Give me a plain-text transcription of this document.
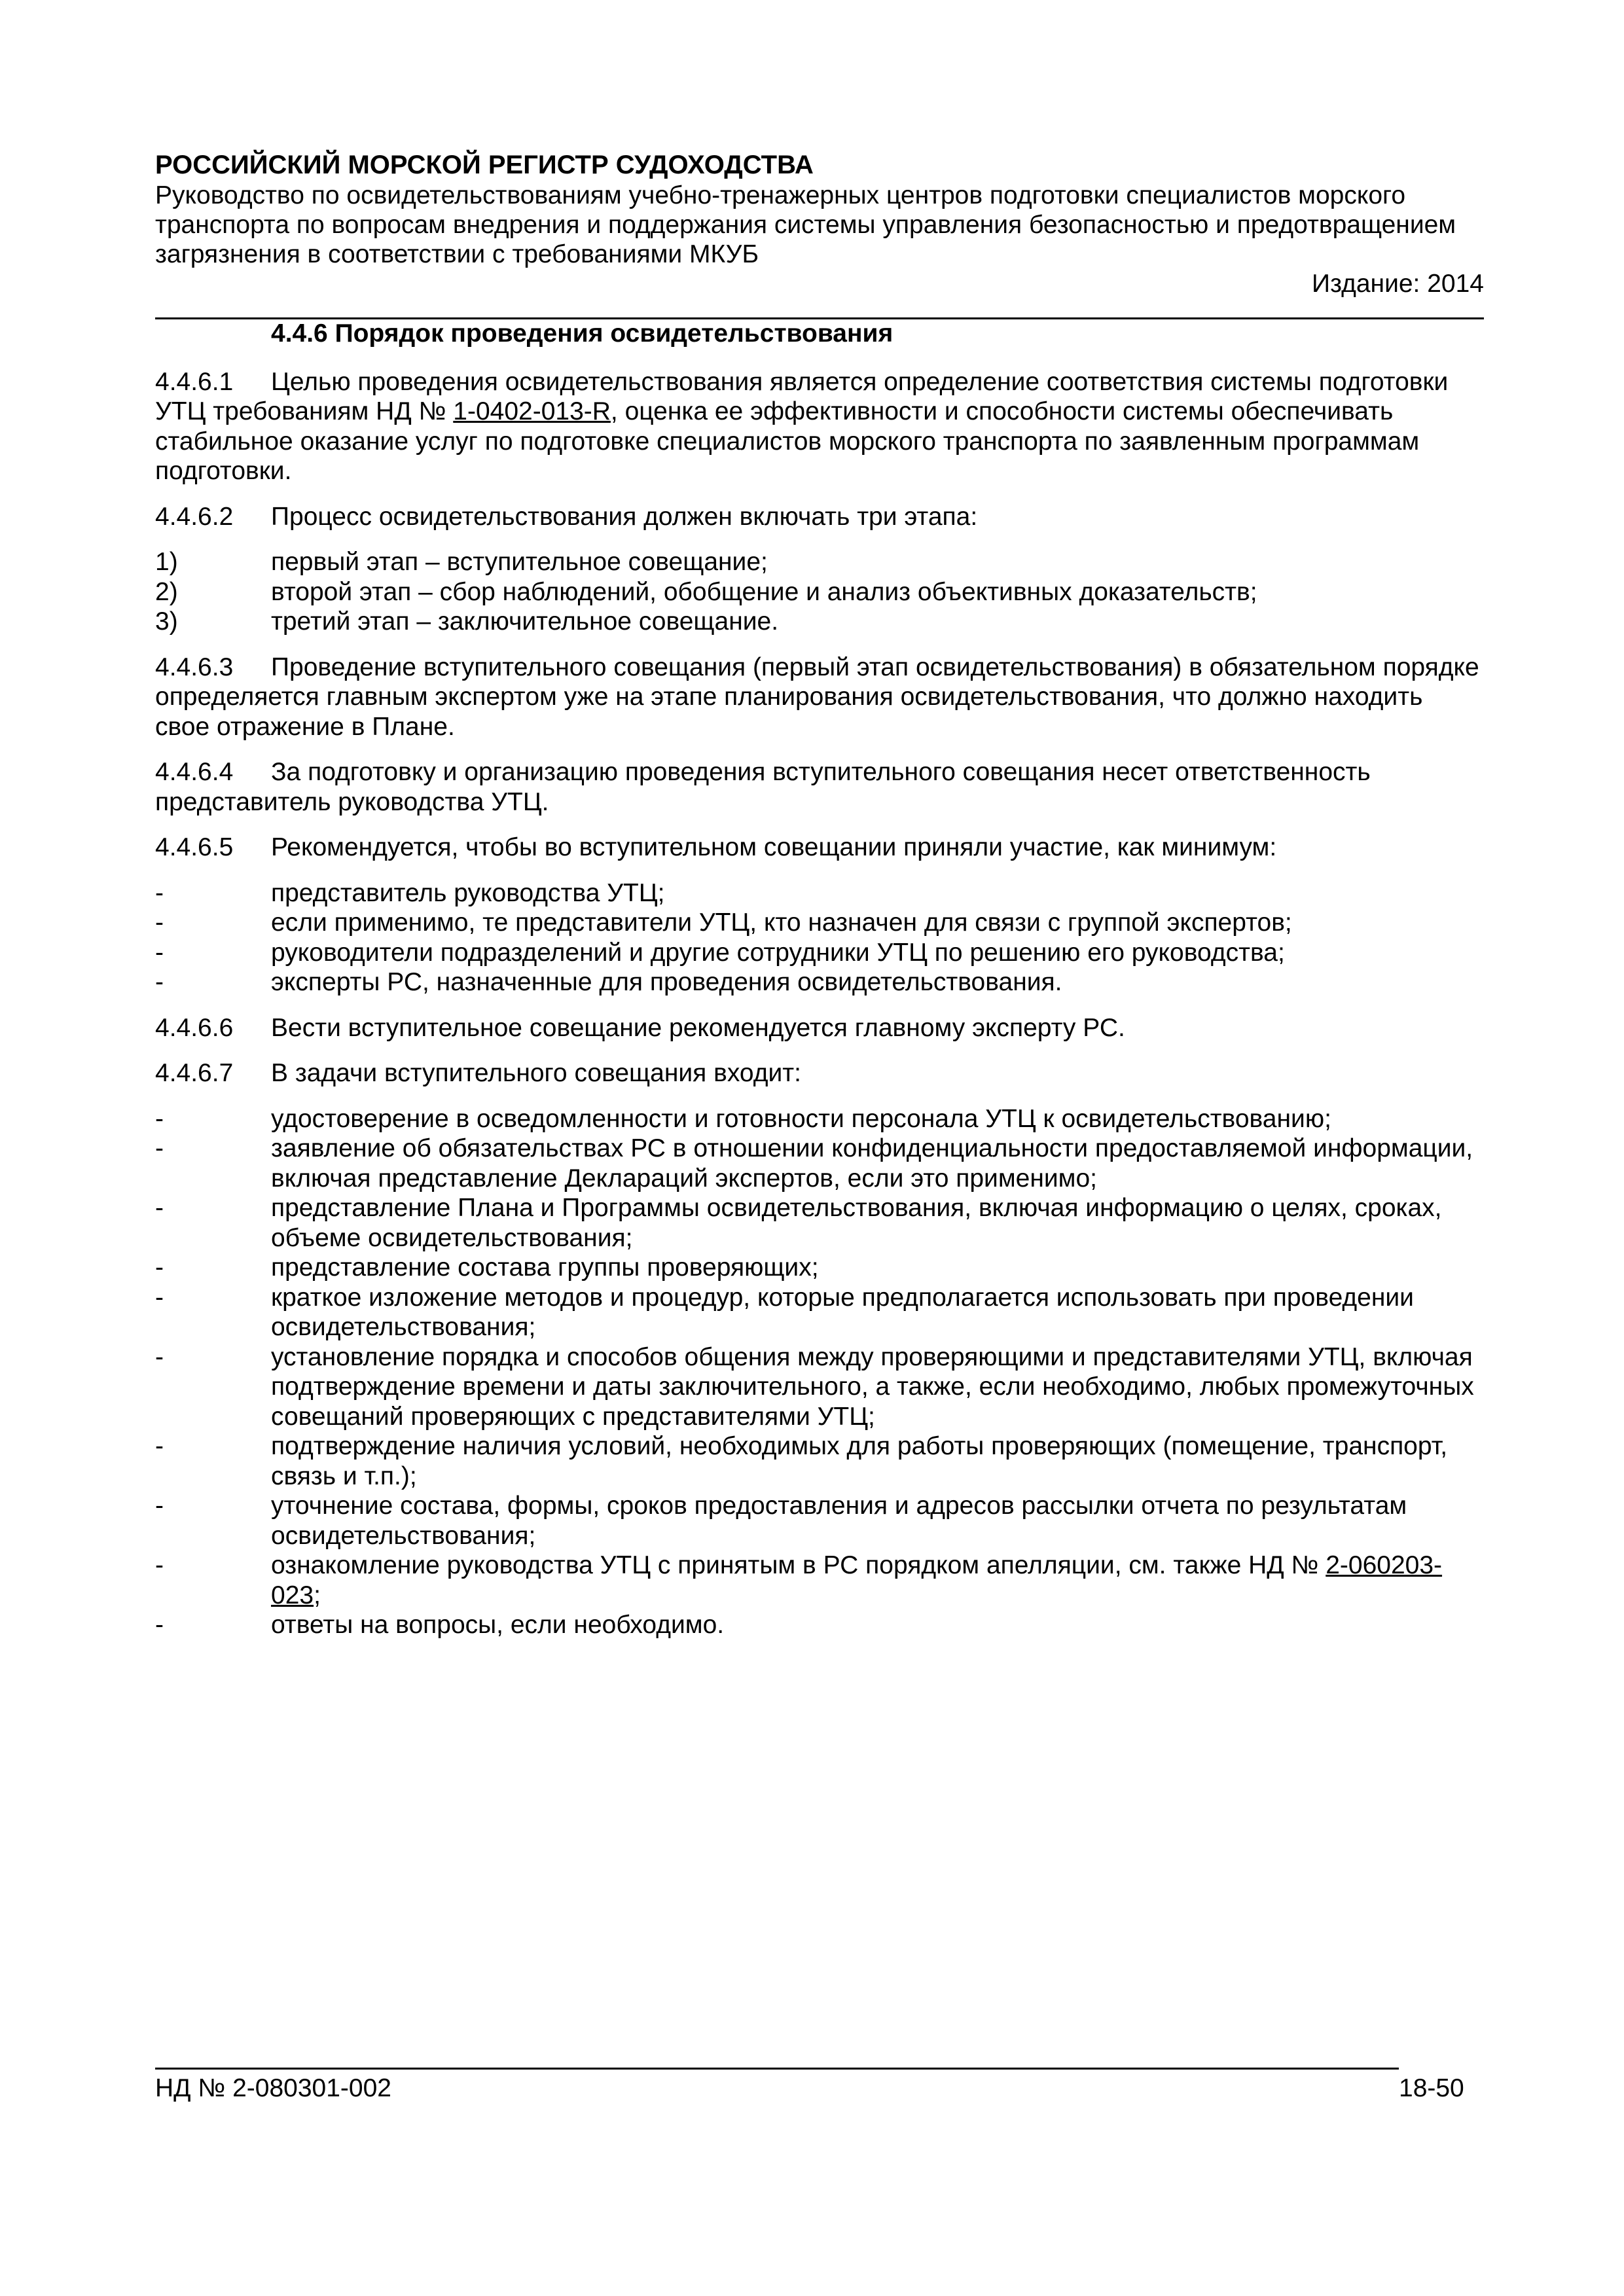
РОССИЙСКИЙ МОРСКОЙ РЕГИСТР СУДОХОДСТВА
Руководство по освидетельствованиям учебно-тренажерных центров подготовки специалистов морского транспорта по вопросам внедрения и поддержания системы управления безопасностью и предотвращением загрязнения в соответствии с требованиями МКУБ
Издание: 2014
4.4.6 Порядок проведения освидетельствования

4.4.6.1 Целью проведения освидетельствования является определение соответствия системы подготовки УТЦ требованиям НД № 1-0402-013-R, оценка ее эффективности и способности системы обеспечивать стабильное оказание услуг по подготовке специалистов морского транспорта по заявленным программам подготовки.

4.4.6.2 Процесс освидетельствования должен включать три этапа:

1)	первый этап – вступительное совещание;
2)	второй этап – сбор наблюдений, обобщение и анализ объективных доказательств;
3)	третий этап – заключительное совещание.

4.4.6.3 Проведение вступительного совещания (первый этап освидетельствования) в обязательном порядке определяется главным экспертом уже на этапе планирования освидетельствования, что должно находить свое отражение в Плане.

4.4.6.4 За подготовку и организацию проведения вступительного совещания несет ответственность представитель руководства УТЦ.

4.4.6.5 Рекомендуется, чтобы во вступительном совещании приняли участие, как минимум:

-	представитель руководства УТЦ;
-	если применимо, те представители УТЦ, кто назначен для связи с группой экспертов;
-	руководители подразделений и другие сотрудники УТЦ по решению его руководства;
-	эксперты РС, назначенные для проведения освидетельствования.

4.4.6.6 Вести вступительное совещание рекомендуется главному эксперту РС.

4.4.6.7 В задачи вступительного совещания входит:

-	удостоверение в осведомленности и готовности персонала УТЦ к освидетельствованию;
-	заявление об обязательствах РС в отношении конфиденциальности предоставляемой информации, включая представление Деклараций экспертов, если это применимо;
-	представление Плана и Программы освидетельствования, включая информацию о целях, сроках, объеме освидетельствования;
-	представление состава группы проверяющих;
-	краткое изложение методов и процедур, которые предполагается использовать при проведении освидетельствования;
-	установление порядка и способов общения между проверяющими и представителями УТЦ, включая подтверждение времени и даты заключительного, а также, если необходимо, любых промежуточных совещаний проверяющих с представителями УТЦ;
-	подтверждение наличия условий, необходимых для работы проверяющих (помещение, транспорт, связь и т.п.);
-	уточнение состава, формы, сроков предоставления и адресов рассылки отчета по результатам освидетельствования;
-	ознакомление руководства УТЦ с принятым в РС порядком апелляции, см. также НД № 2-060203-023;
-	ответы на вопросы, если необходимо.
НД № 2-080301-002	18-50
